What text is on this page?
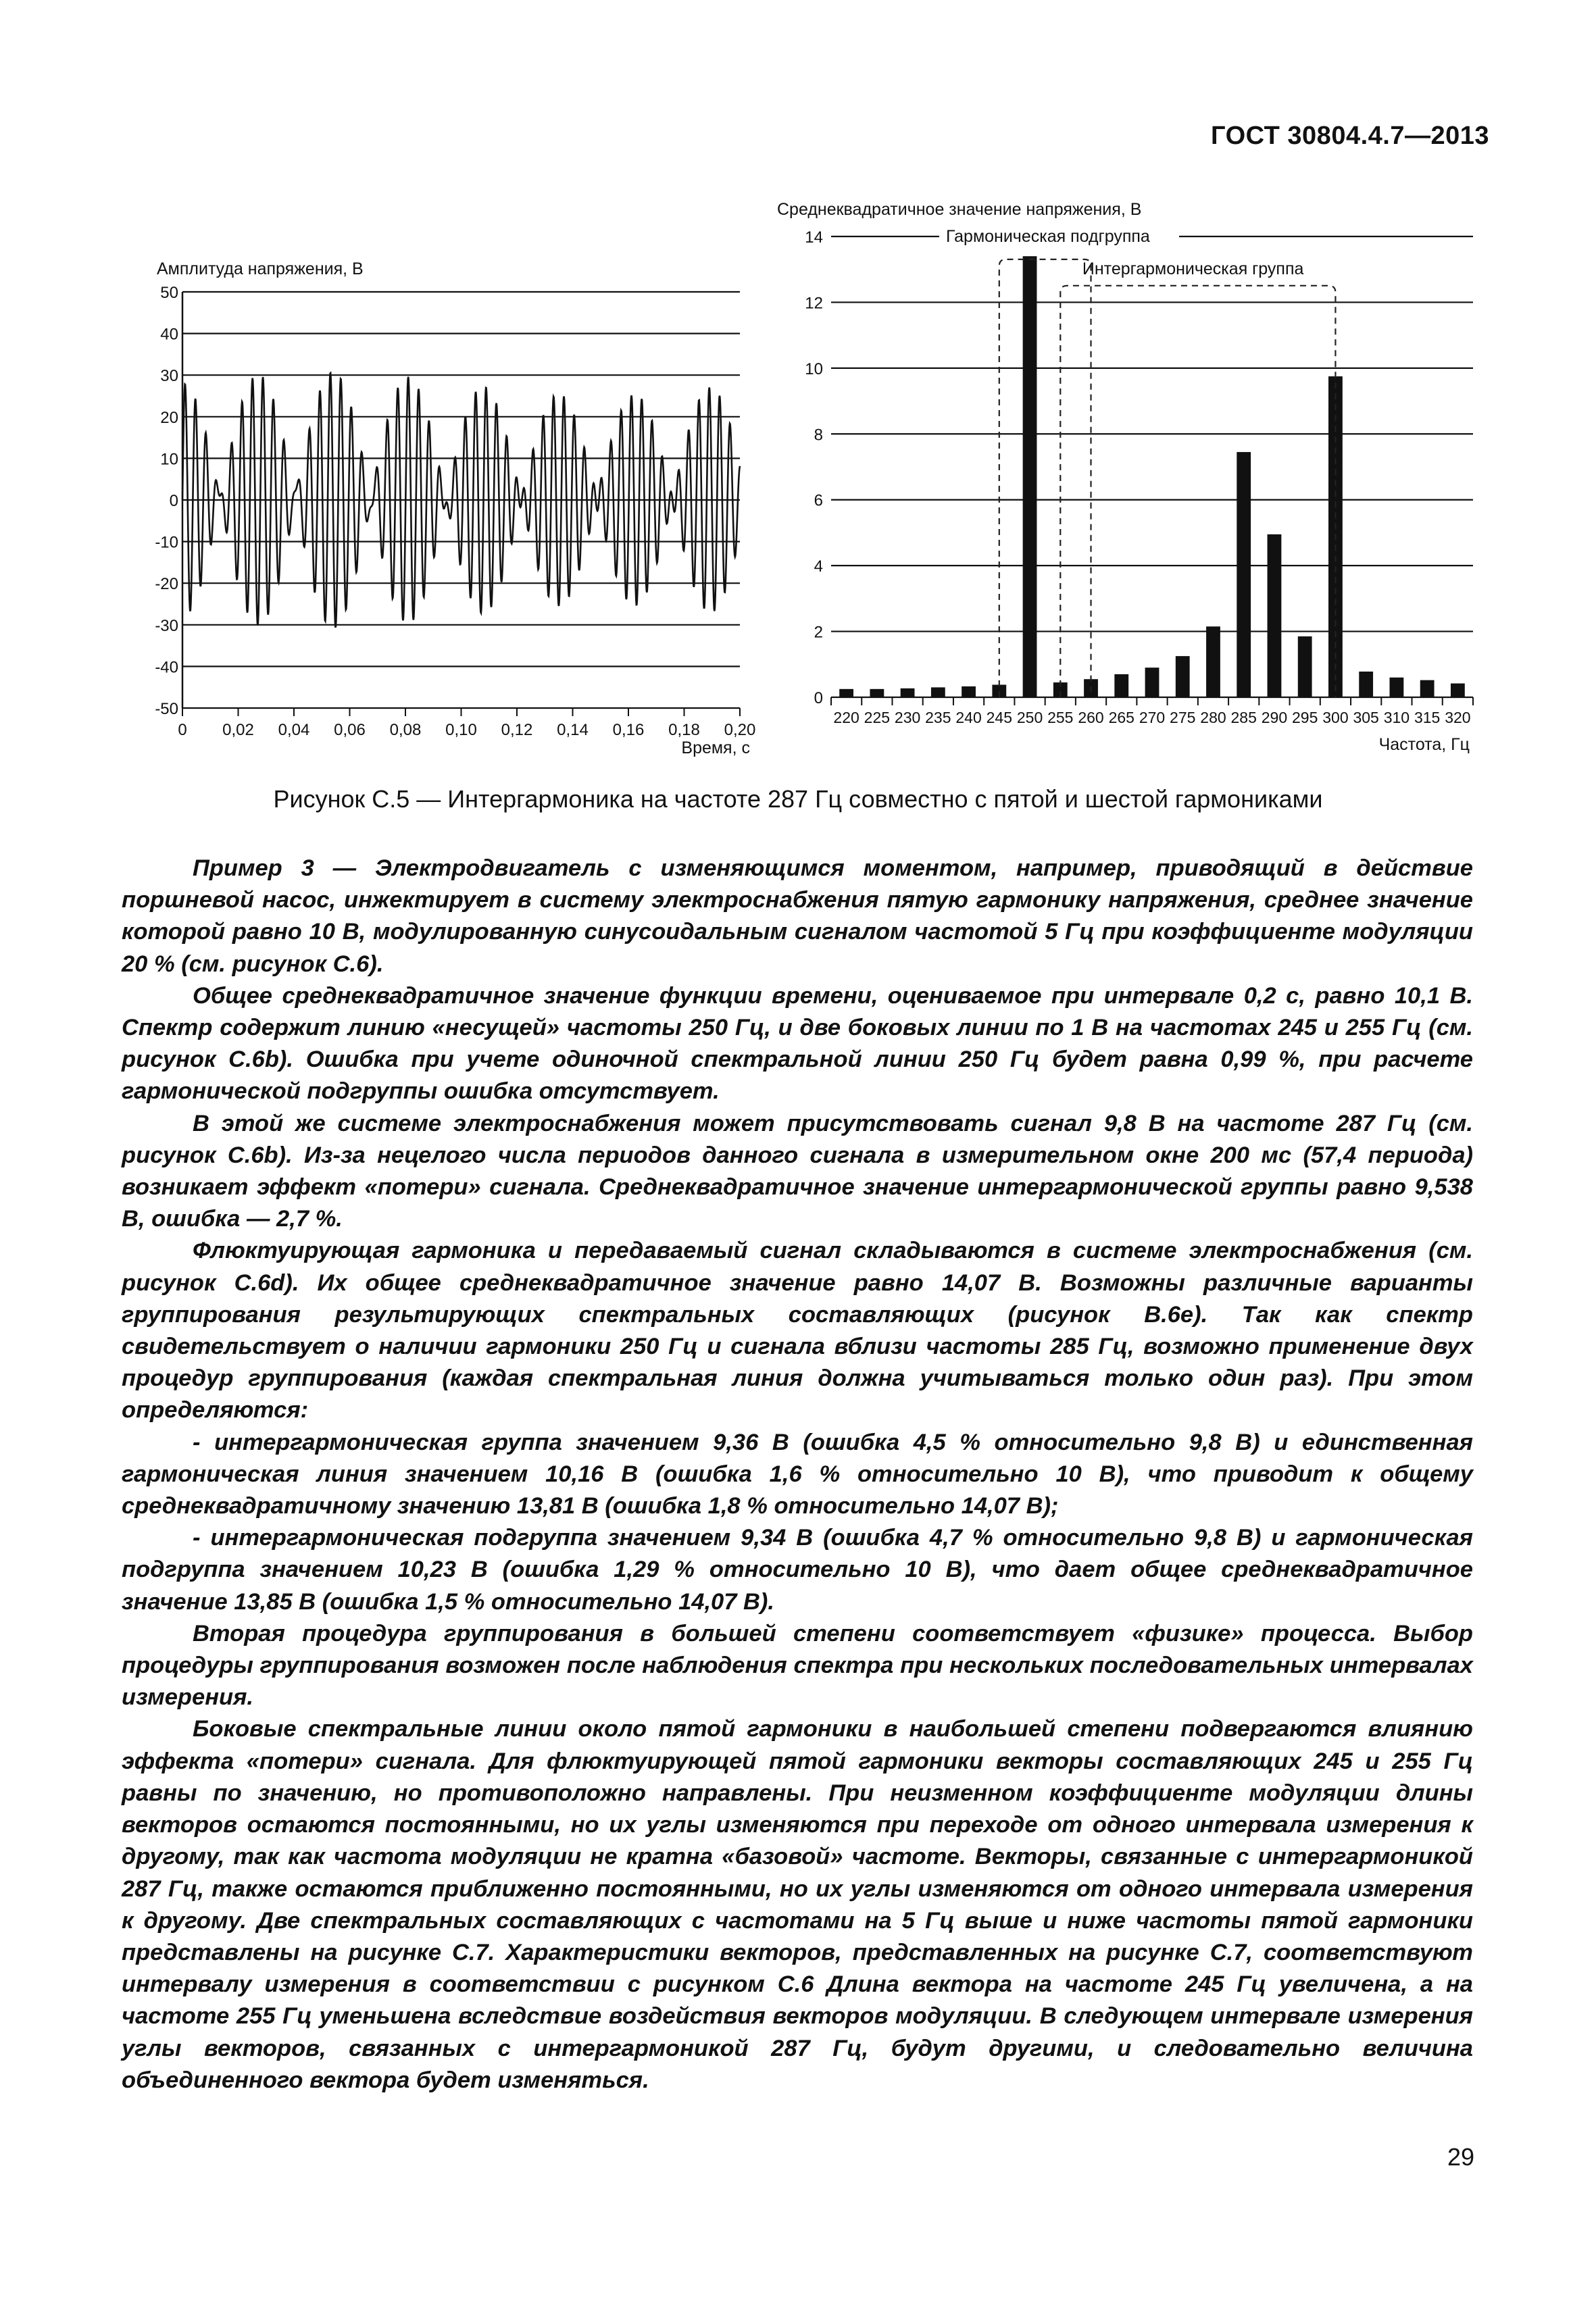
ГОСТ 30804.4.7—2013
Амплитуда напряжения, В
50
40
30
20
10
0
-10
-20
-30
-40
-50
0 0,02 0,04 0,06 0,08 0,10 0,12 0,14 0,16 0,18 0,20
Время, с
Среднеквадратичное значение напряжения, В
14
12
10
8
6
4
2
0
220 225 230 235 240 245 250 255 260 265 270 275 280 285 290 295 300 305 310 315 320
Гармоническая подгруппа
Интергармоническая группа
Частота, Гц
Рисунок С.5 — Интергармоника на частоте 287 Гц совместно с пятой и шестой гармониками

Пример 3 — Электродвигатель с изменяющимся моментом, например, приводящий в действие поршневой насос, инжектирует в систему электроснабжения пятую гармонику напряжения, среднее значение которой равно 10 В, модулированную синусоидальным сигналом частотой 5 Гц при коэффициенте модуляции 20 % (см. рисунок С.6).

Общее среднеквадратичное значение функции времени, оцениваемое при интервале 0,2 с, равно 10,1 В. Спектр содержит линию «несущей» частоты 250 Гц, и две боковых линии по 1 В на частотах 245 и 255 Гц (см. рисунок С.6b). Ошибка при учете одиночной спектральной линии 250 Гц будет равна 0,99 %, при расчете гармонической подгруппы ошибка отсутствует.

В этой же системе электроснабжения может присутствовать сигнал 9,8 В на частоте 287 Гц (см. рисунок С.6b). Из-за нецелого числа периодов данного сигнала в измерительном окне 200 мс (57,4 периода) возникает эффект «потери» сигнала. Среднеквадратичное значение интергармонической группы равно 9,538 В, ошибка — 2,7 %.

Флюктуирующая гармоника и передаваемый сигнал складываются в системе электроснабжения (см. рисунок С.6d). Их общее среднеквадратичное значение равно 14,07 В. Возможны различные варианты группирования результирующих спектральных составляющих (рисунок В.6е). Так как спектр свидетельствует о наличии гармоники 250 Гц и сигнала вблизи частоты 285 Гц, возможно применение двух процедур группирования (каждая спектральная линия должна учитываться только один раз). При этом определяются:

- интергармоническая группа значением 9,36 В (ошибка 4,5 % относительно 9,8 В) и единственная гармоническая линия значением 10,16 В (ошибка 1,6 % относительно 10 В), что приводит к общему среднеквадратичному значению 13,81 В (ошибка 1,8 % относительно 14,07 В);

- интергармоническая подгруппа значением 9,34 В (ошибка 4,7 % относительно 9,8 В) и гармоническая подгруппа значением 10,23 В (ошибка 1,29 % относительно 10 В), что дает общее среднеквадратичное значение 13,85 В (ошибка 1,5 % относительно 14,07 В).

Вторая процедура группирования в большей степени соответствует «физике» процесса. Выбор процедуры группирования возможен после наблюдения спектра при нескольких последовательных интервалах измерения.

Боковые спектральные линии около пятой гармоники в наибольшей степени подвергаются влиянию эффекта «потери» сигнала. Для флюктуирующей пятой гармоники векторы составляющих 245 и 255 Гц равны по значению, но противоположно направлены. При неизменном коэффициенте модуляции длины векторов остаются постоянными, но их углы изменяются при переходе от одного интервала измерения к другому, так как частота модуляции не кратна «базовой» частоте. Векторы, связанные с интергармоникой 287 Гц, также остаются приближенно постоянными, но их углы изменяются от одного интервала измерения к другому. Две спектральных составляющих с частотами на 5 Гц выше и ниже частоты пятой гармоники представлены на рисунке С.7. Характеристики векторов, представленных на рисунке С.7, соответствуют интервалу измерения в соответствии с рисунком С.6 Длина вектора на частоте 245 Гц увеличена, а на частоте 255 Гц уменьшена вследствие воздействия векторов модуляции. В следующем интервале измерения углы векторов, связанных с интергармоникой 287 Гц, будут другими, и следовательно величина объединенного вектора будет изменяться.

29
